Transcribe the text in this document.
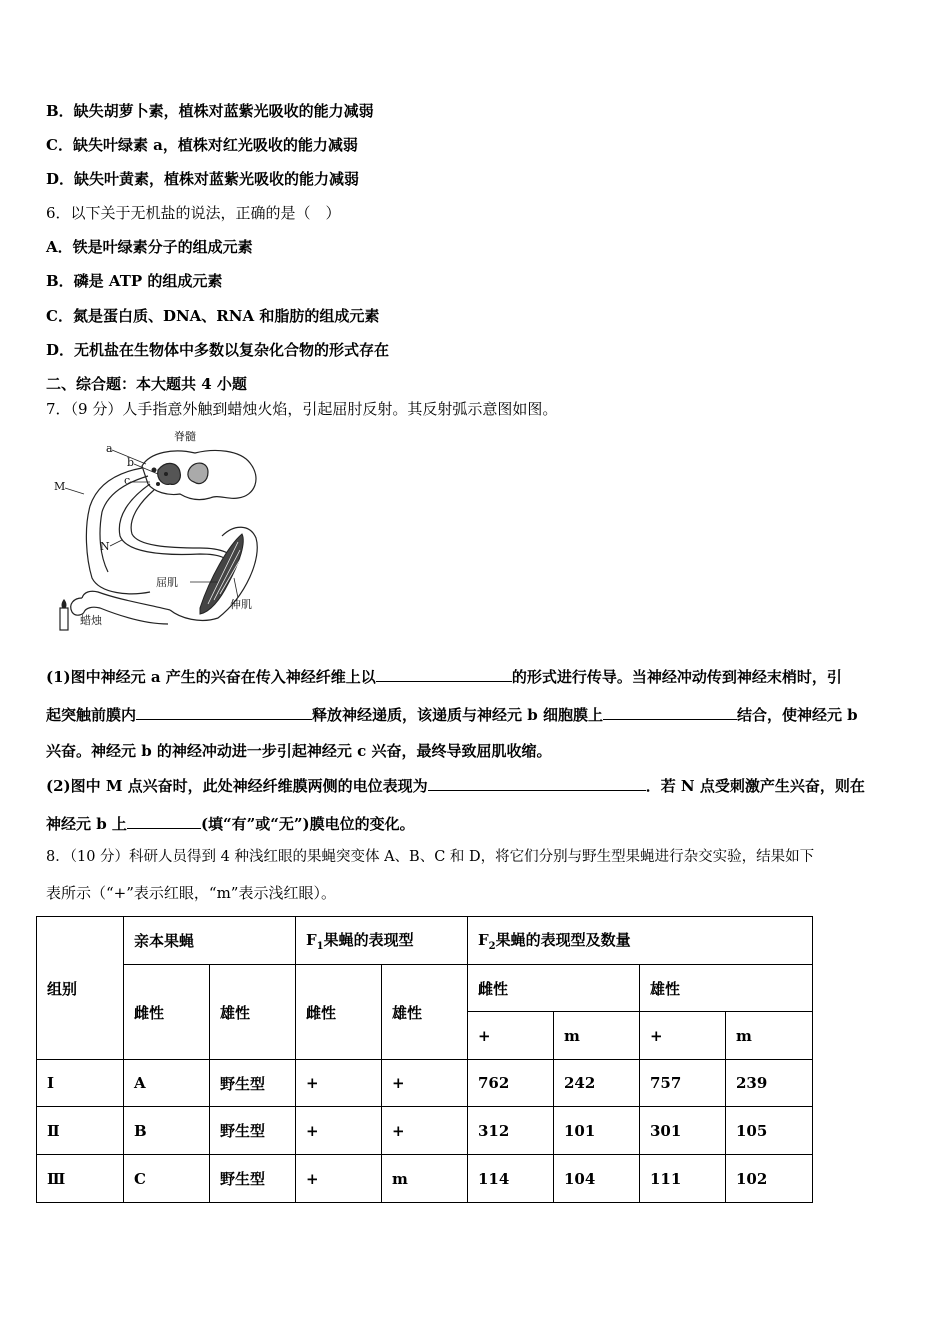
B．缺失胡萝卜素，植株对蓝紫光吸收的能力减弱
C．缺失叶绿素 a，植株对红光吸收的能力减弱
D．缺失叶黄素，植株对蓝紫光吸收的能力减弱
6．以下关于无机盐的说法，正确的是（　）
A．铁是叶绿素分子的组成元素
B．磷是 ATP 的组成元素
C．氮是蛋白质、DNA、RNA 和脂肪的组成元素
D．无机盐在生物体中多数以复杂化合物的形式存在
二、综合题：本大题共 4 小题
7．（9 分）人手指意外触到蜡烛火焰，引起屈肘反射。其反射弧示意图如图。
脊髓
a
b
c
M
N
屈肌
伸肌
蜡烛
(1)图中神经元 a 产生的兴奋在传入神经纤维上以	的形式进行传导。当神经冲动传到神经末梢时，引
起突触前膜内	释放神经递质，该递质与神经元 b 细胞膜上	结合，使神经元 b
兴奋。神经元 b 的神经冲动进一步引起神经元 c 兴奋，最终导致屈肌收缩。
(2)图中 M 点兴奋时，此处神经纤维膜两侧的电位表现为	．若 N 点受刺激产生兴奋，则在
神经元 b 上	(填“有”或“无”)膜电位的变化。
8．（10 分）科研人员得到 4 种浅红眼的果蝇突变体 A、B、C 和 D，将它们分别与野生型果蝇进行杂交实验，结果如下
表所示（“+”表示红眼，“m”表示浅红眼）。
组别	亲本果蝇		$F_1$果蝇的表现型		$F_2$果蝇的表现型及数量			
	雌性	雄性	雌性	雄性	雌性		雄性	
					+	m	+	m
Ⅰ	A	野生型	+	+	762	242	757	239
Ⅱ	B	野生型	+	+	312	101	301	105
Ⅲ	C	野生型	+	m	114	104	111	102
